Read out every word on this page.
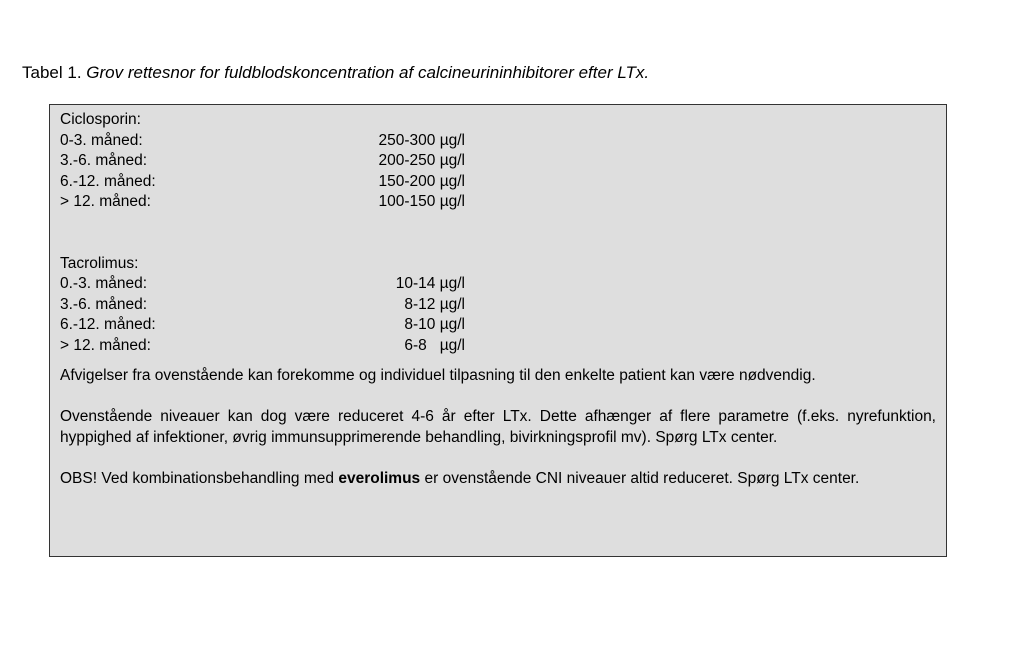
Tabel 1. Grov rettesnor for fuldblodskoncentration af calcineurininhibitorer efter LTx.
Ciclosporin:
0-3. måned:	250-300 µg/l
3.-6. måned:	200-250 µg/l
6.-12. måned:	150-200 µg/l
> 12. måned:	100-150 µg/l
Tacrolimus:
0.-3. måned:	10-14 µg/l
3.-6. måned:	8-12 µg/l
6.-12. måned:	8-10 µg/l
> 12. måned:	6-8   µg/l

Afvigelser fra ovenstående kan forekomme og individuel tilpasning til den enkelte patient kan være nødvendig.

Ovenstående niveauer kan dog være reduceret 4-6 år efter LTx. Dette afhænger af flere parametre (f.eks. nyrefunktion, hyppighed af infektioner, øvrig immunsupprimerende behandling, bivirkningsprofil mv). Spørg LTx center.

OBS! Ved kombinationsbehandling med everolimus er ovenstående CNI niveauer altid reduceret. Spørg LTx center.
